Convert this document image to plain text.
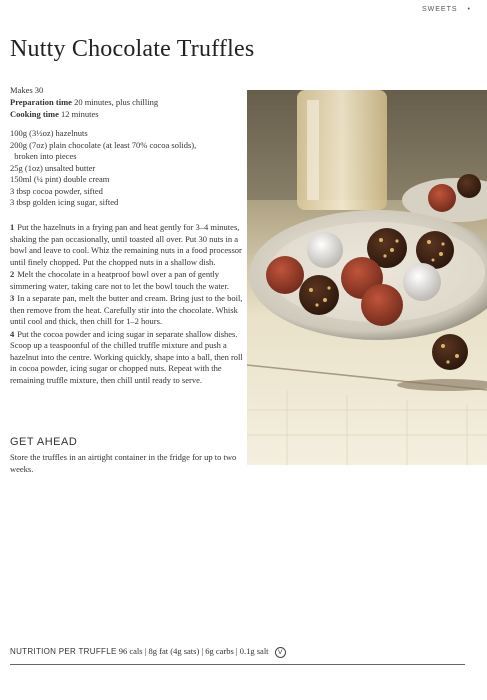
SWEETS •
Nutty Chocolate Truffles
Makes 30
Preparation time 20 minutes, plus chilling
Cooking time 12 minutes
100g (3½oz) hazelnuts
200g (7oz) plain chocolate (at least 70% cocoa solids),
broken into pieces
25g (1oz) unsalted butter
150ml (¼ pint) double cream
3 tbsp cocoa powder, sifted
3 tbsp golden icing sugar, sifted

1 Put the hazelnuts in a frying pan and heat gently for 3–4 minutes, shaking the pan occasionally, until toasted all over. Put 30 nuts in a bowl and leave to cool. Whiz the remaining nuts in a food processor until finely chopped. Put the chopped nuts in a shallow dish.

2 Melt the chocolate in a heatproof bowl over a pan of gently simmering water, taking care not to let the bowl touch the water.

3 In a separate pan, melt the butter and cream. Bring just to the boil, then remove from the heat. Carefully stir into the chocolate. Whisk until cool and thick, then chill for 1–2 hours.

4 Put the cocoa powder and icing sugar in separate shallow dishes. Scoop up a teaspoonful of the chilled truffle mixture and push a hazelnut into the centre. Working quickly, shape into a ball, then roll in cocoa powder, icing sugar or chopped nuts. Repeat with the remaining truffle mixture, then chill until ready to serve.

GET AHEAD
Store the truffles in an airtight container in the fridge for up to two weeks.
NUTRITION PER TRUFFLE 96 cals | 8g fat (4g sats) | 6g carbs | 0.1g salt V
